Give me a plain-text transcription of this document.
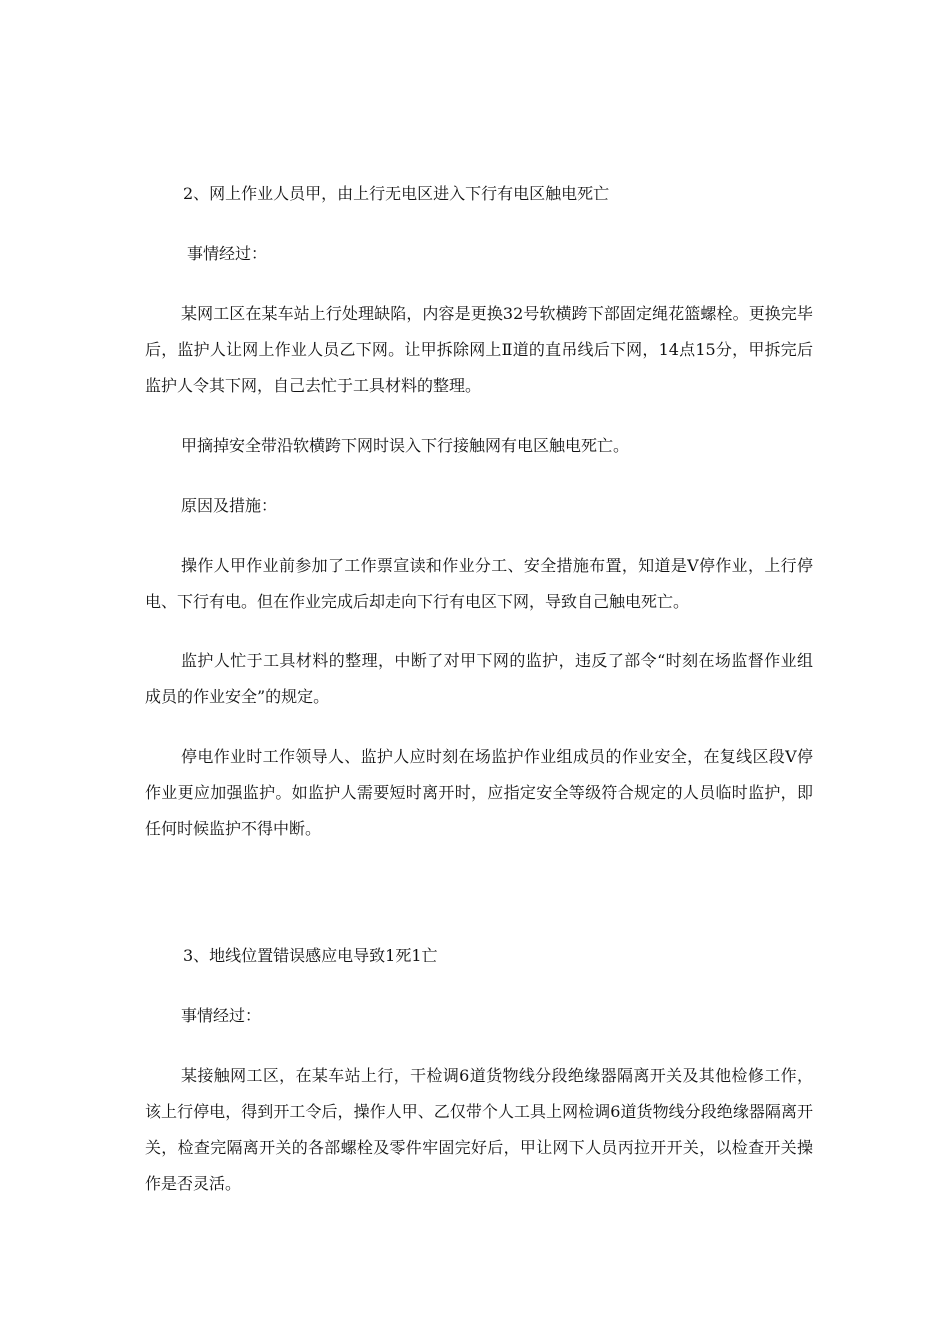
2、网上作业人员甲，由上行无电区进入下行有电区触电死亡

事情经过：

某网工区在某车站上行处理缺陷，内容是更换32号软横跨下部固定绳花篮螺栓。更换完毕后，监护人让网上作业人员乙下网。让甲拆除网上Ⅱ道的直吊线后下网，14点15分，甲拆完后监护人令其下网，自己去忙于工具材料的整理。

甲摘掉安全带沿软横跨下网时误入下行接触网有电区触电死亡。

原因及措施：

操作人甲作业前参加了工作票宣读和作业分工、安全措施布置，知道是V停作业，上行停电、下行有电。但在作业完成后却走向下行有电区下网，导致自己触电死亡。

监护人忙于工具材料的整理，中断了对甲下网的监护，违反了部令“时刻在场监督作业组成员的作业安全”的规定。

停电作业时工作领导人、监护人应时刻在场监护作业组成员的作业安全，在复线区段V停作业更应加强监护。如监护人需要短时离开时，应指定安全等级符合规定的人员临时监护，即任何时候监护不得中断。

3、地线位置错误感应电导致1死1亡

事情经过：

某接触网工区，在某车站上行，干检调6道货物线分段绝缘器隔离开关及其他检修工作，该上行停电，得到开工令后，操作人甲、乙仅带个人工具上网检调6道货物线分段绝缘器隔离开关，检查完隔离开关的各部螺栓及零件牢固完好后，甲让网下人员丙拉开开关，以检查开关操作是否灵活。
